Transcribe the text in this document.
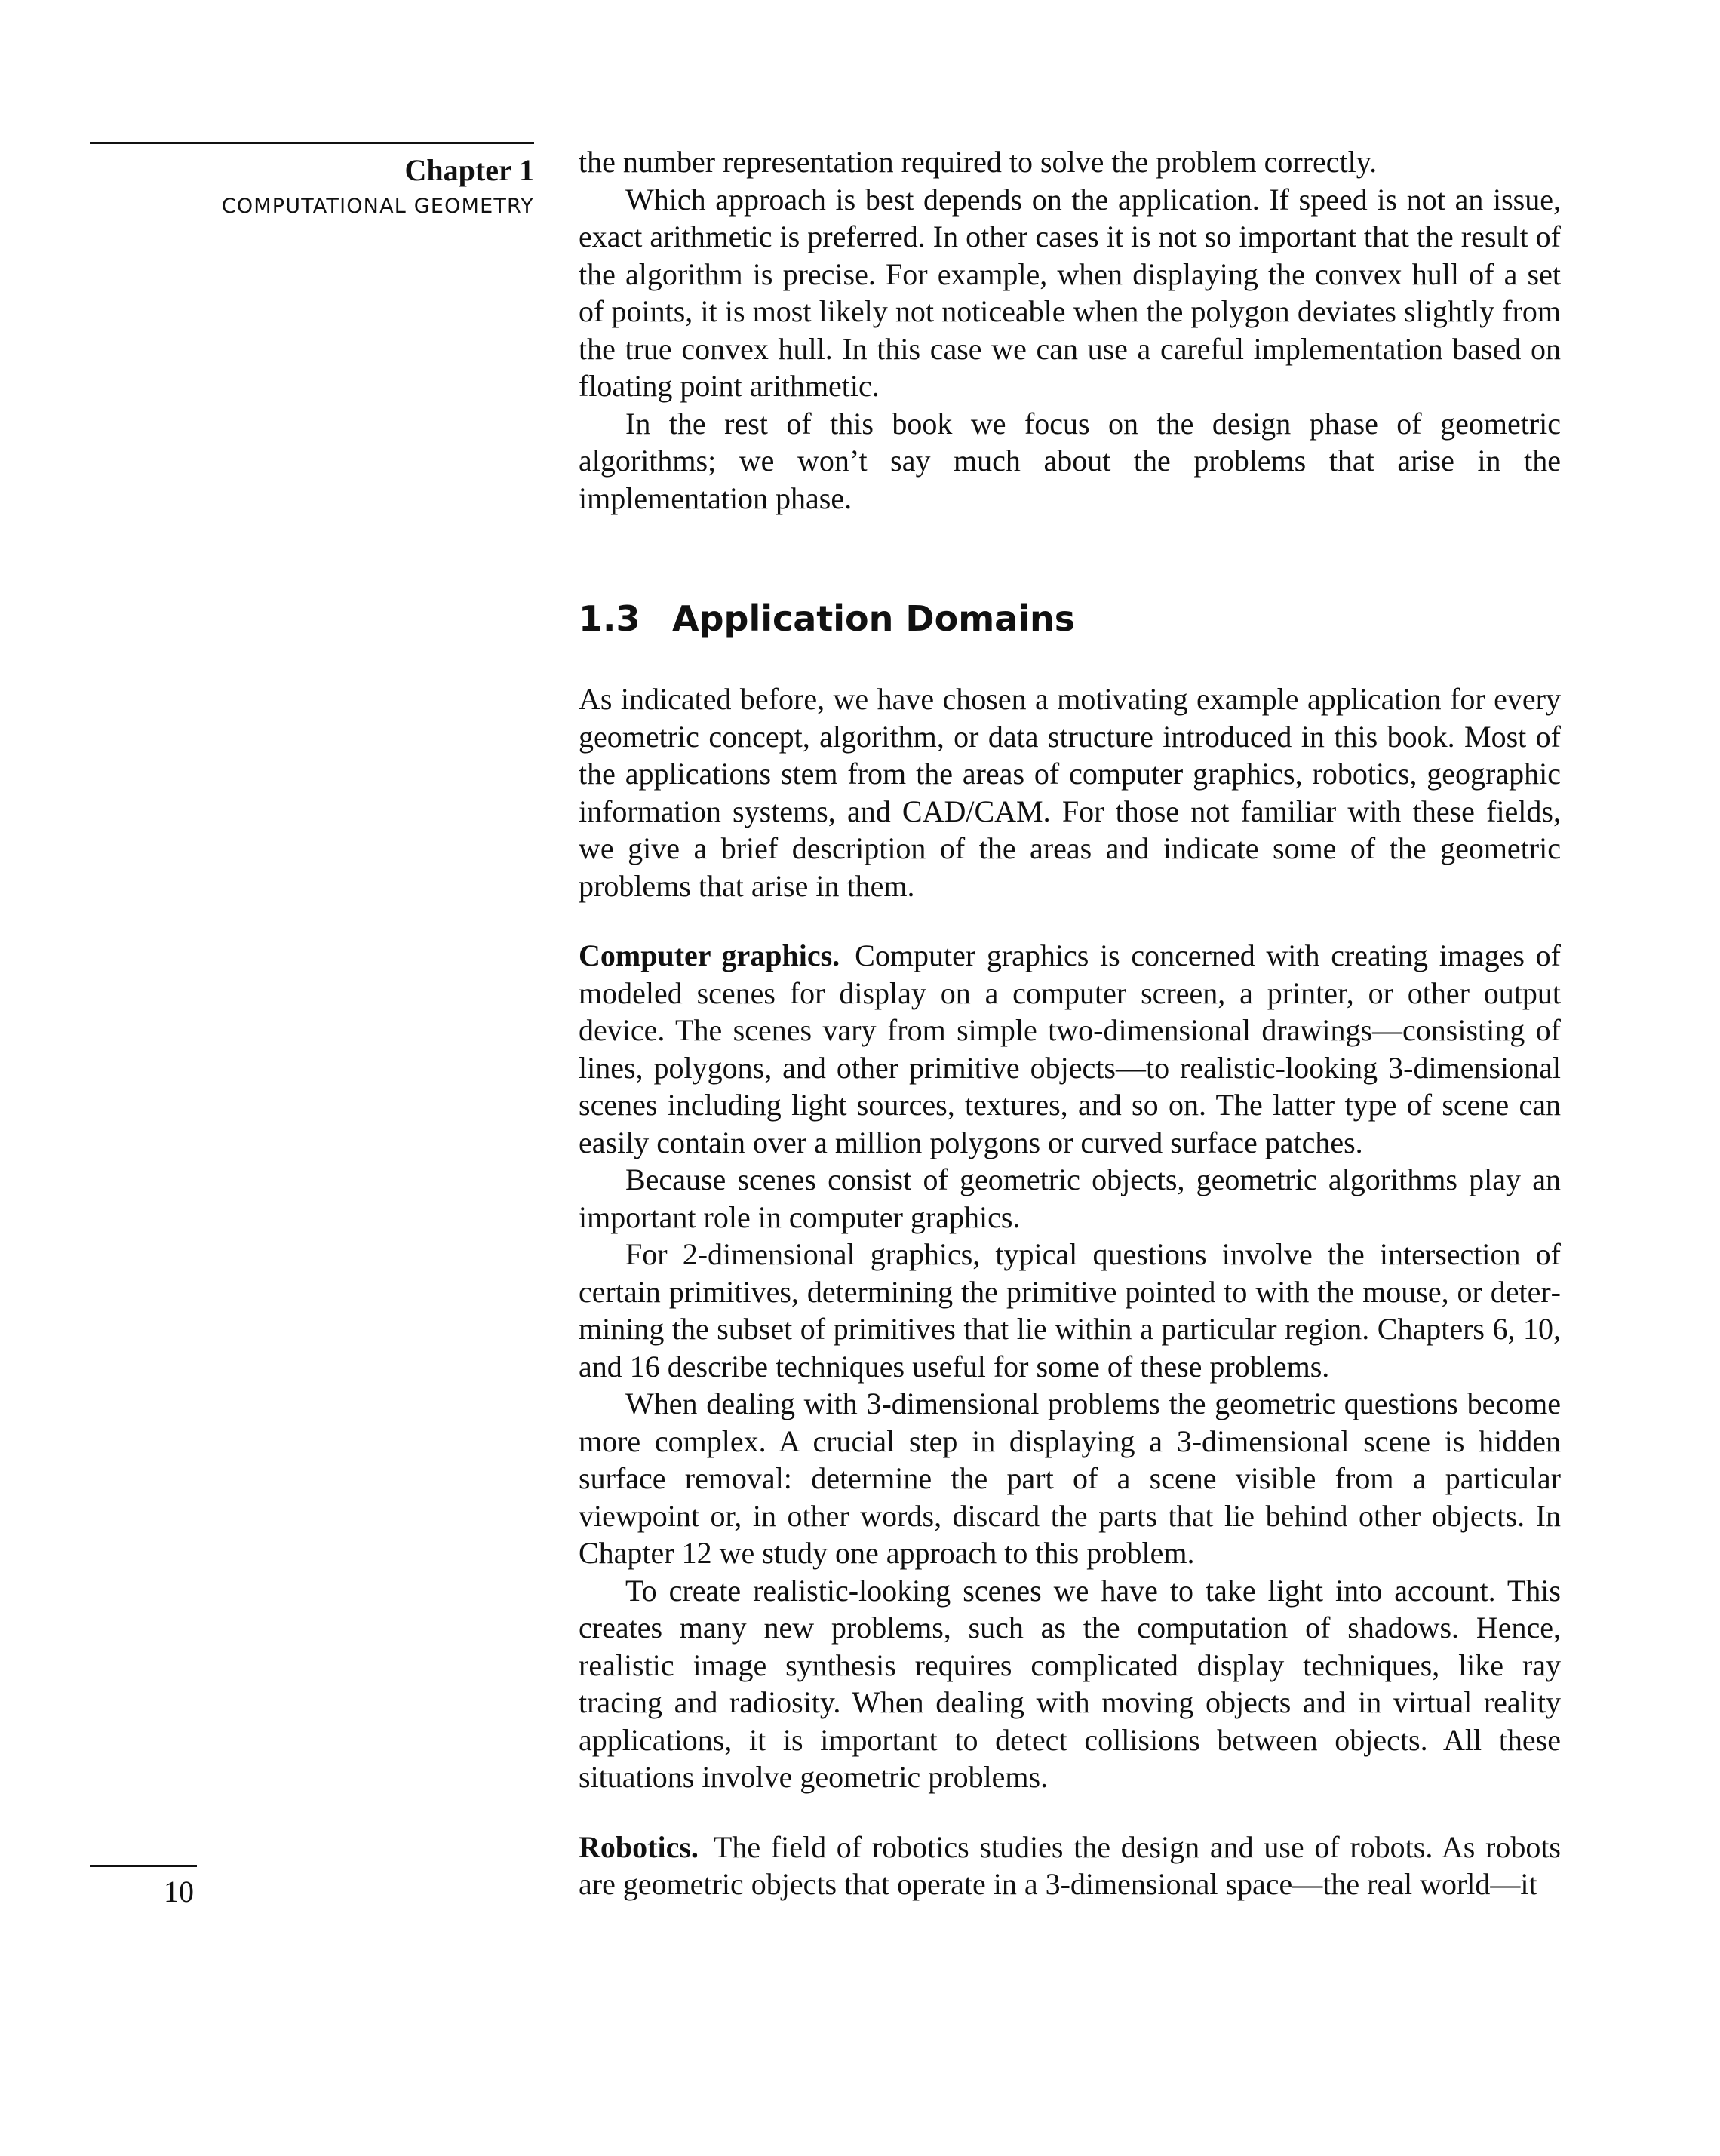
Chapter 1
COMPUTATIONAL GEOMETRY
10

the number representation required to solve the problem correctly.

Which approach is best depends on the application. If speed is not an issue, exact arithmetic is preferred. In other cases it is not so important that the result of the algorithm is precise. For example, when displaying the convex hull of a set of points, it is most likely not noticeable when the polygon deviates slightly from the true convex hull. In this case we can use a careful implementation based on floating point arithmetic.

In the rest of this book we focus on the design phase of geometric algorithms; we won’t say much about the problems that arise in the implementation phase.

1.3 Application Domains

As indicated before, we have chosen a motivating example application for every geometric concept, algorithm, or data structure introduced in this book. Most of the applications stem from the areas of computer graphics, robotics, geographic information systems, and CAD/CAM. For those not familiar with these fields, we give a brief description of the areas and indicate some of the geometric problems that arise in them.

Computer graphics. Computer graphics is concerned with creating images of modeled scenes for display on a computer screen, a printer, or other output device. The scenes vary from simple two-dimensional drawings—consisting of lines, polygons, and other primitive objects—to realistic-looking 3-dimensional scenes including light sources, textures, and so on. The latter type of scene can easily contain over a million polygons or curved surface patches.

Because scenes consist of geometric objects, geometric algorithms play an important role in computer graphics.

For 2-dimensional graphics, typical questions involve the intersection of certain primitives, determining the primitive pointed to with the mouse, or determining the subset of primitives that lie within a particular region. Chapters 6, 10, and 16 describe techniques useful for some of these problems.

When dealing with 3-dimensional problems the geometric questions become more complex. A crucial step in displaying a 3-dimensional scene is hidden surface removal: determine the part of a scene visible from a particular viewpoint or, in other words, discard the parts that lie behind other objects. In Chapter 12 we study one approach to this problem.

To create realistic-looking scenes we have to take light into account. This creates many new problems, such as the computation of shadows. Hence, realistic image synthesis requires complicated display techniques, like ray tracing and radiosity. When dealing with moving objects and in virtual reality applications, it is important to detect collisions between objects. All these situations involve geometric problems.

Robotics. The field of robotics studies the design and use of robots. As robots are geometric objects that operate in a 3-dimensional space—the real world—it
